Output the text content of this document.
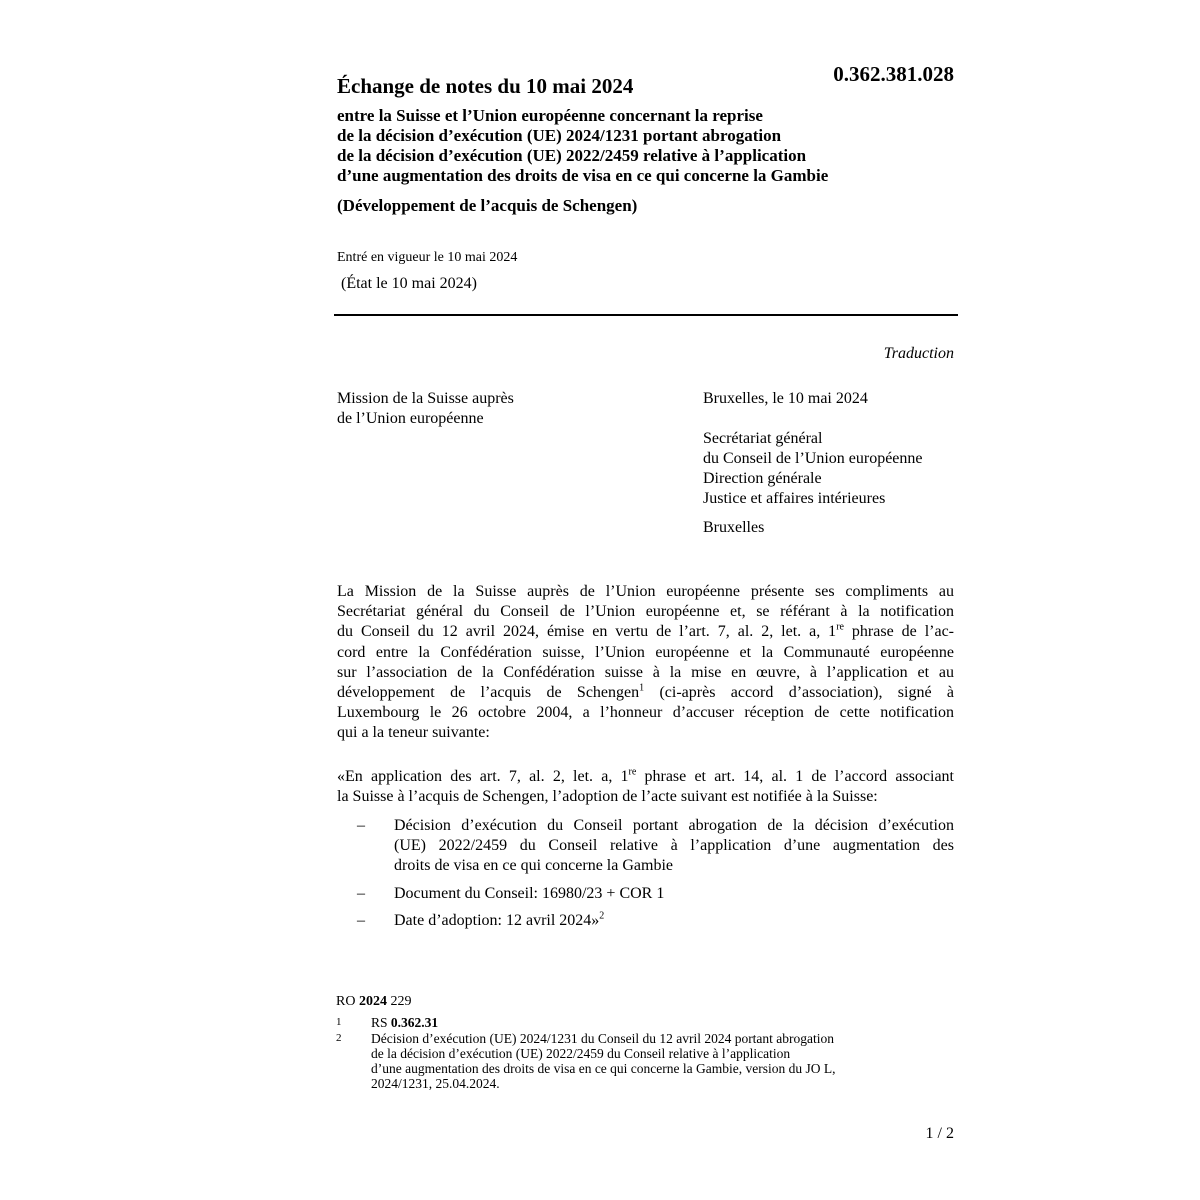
Échange de notes du 10 mai 2024	0.362.381.028
entre la Suisse et l’Union européenne concernant la reprise
de la décision d’exécution (UE) 2024/1231 portant abrogation
de la décision d’exécution (UE) 2022/2459 relative à l’application
d’une augmentation des droits de visa en ce qui concerne la Gambie
(Développement de l’acquis de Schengen)
Entré en vigueur le 10 mai 2024
(État le 10 mai 2024)
Traduction
Mission de la Suisse auprès
de l’Union européenne
Bruxelles, le 10 mai 2024
Secrétariat général
du Conseil de l’Union européenne
Direction générale
Justice et affaires intérieures
Bruxelles
La Mission de la Suisse auprès de l’Union européenne présente ses compliments au
Secrétariat général du Conseil de l’Union européenne et, se référant à la notification
du Conseil du 12 avril 2024, émise en vertu de l’art. 7, al. 2, let. a, 1re phrase de l’ac-
cord entre la Confédération suisse, l’Union européenne et la Communauté européenne
sur l’association de la Confédération suisse à la mise en œuvre, à l’application et au
développement de l’acquis de Schengen$^1$ (ci-après accord d’association), signé à
Luxembourg le 26 octobre 2004, a l’honneur d’accuser réception de cette notification
qui a la teneur suivante:
«En application des art. 7, al. 2, let. a, 1re phrase et art. 14, al. 1 de l’accord associant
la Suisse à l’acquis de Schengen, l’adoption de l’acte suivant est notifiée à la Suisse:
– Décision d’exécution du Conseil portant abrogation de la décision d’exécution
(UE) 2022/2459 du Conseil relative à l’application d’une augmentation des
droits de visa en ce qui concerne la Gambie
– Document du Conseil: 16980/23 + COR 1
– Date d’adoption: 12 avril 2024»$^2$
RO 2024 229
1 RS 0.362.31
2 Décision d’exécution (UE) 2024/1231 du Conseil du 12 avril 2024 portant abrogation
de la décision d’exécution (UE) 2022/2459 du Conseil relative à l’application
d’une augmentation des droits de visa en ce qui concerne la Gambie, version du JO L,
2024/1231, 25.04.2024.
1 / 2
